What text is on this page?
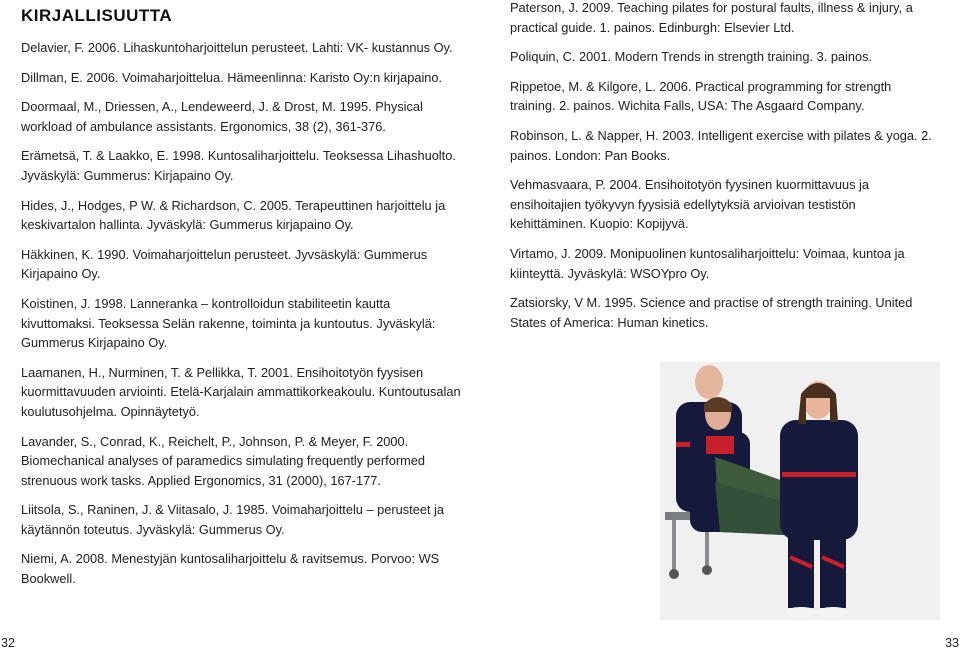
KIRJALLISUUTTA
Delavier, F. 2006. Lihaskuntoharjoittelun perusteet. Lahti: VK- kustannus Oy.
Dillman, E. 2006. Voimaharjoittelua. Hämeenlinna: Karisto Oy:n kirjapaino.
Doormaal, M., Driessen, A., Lendeweerd, J. & Drost, M. 1995. Physical workload of ambulance assistants. Ergonomics, 38 (2), 361-376.
Erämetsä, T. & Laakko, E. 1998. Kuntosaliharjoittelu. Teoksessa Lihashuolto. Jyväskylä: Gummerus: Kirjapaino Oy.
Hides, J., Hodges, P W. & Richardson, C. 2005. Terapeuttinen harjoittelu ja keskivartalon hallinta. Jyväskylä: Gummerus kirjapaino Oy.
Häkkinen, K. 1990. Voimaharjoittelun perusteet. Jyvsäskylä: Gummerus Kirjapaino Oy.
Koistinen, J. 1998. Lanneranka – kontrolloidun stabiliteetin kautta kivuttomaksi. Teoksessa Selän rakenne, toiminta ja kuntoutus. Jyväskylä: Gummerus Kirjapaino Oy.
Laamanen, H., Nurminen, T. & Pellikka, T. 2001. Ensihoitotyön fyysisen kuormittavuuden arviointi. Etelä-Karjalain ammattikorkeakoulu. Kuntoutusalan koulutusohjelma. Opinnäytetyö.
Lavander, S., Conrad, K., Reichelt, P., Johnson, P. & Meyer, F. 2000. Biomechanical analyses of paramedics simulating frequently performed strenuous work tasks. Applied Ergonomics, 31 (2000), 167-177.
Liitsola, S., Raninen, J. & Viitasalo, J. 1985. Voimaharjoittelu – perusteet ja käytännön toteutus. Jyväskylä: Gummerus Oy.
Niemi, A. 2008. Menestyjän kuntosaliharjoittelu & ravitsemus. Porvoo: WS Bookwell.
32
Paterson, J. 2009. Teaching pilates for postural faults, illness & injury, a practical guide. 1. painos. Edinburgh: Elsevier Ltd.
Poliquin, C. 2001. Modern Trends in strength training. 3. painos.
Rippetoe, M. & Kilgore, L. 2006. Practical programming for strength training. 2. painos. Wichita Falls, USA: The Asgaard Company.
Robinson, L. & Napper, H. 2003. Intelligent exercise with pilates & yoga. 2. painos. London: Pan Books.
Vehmasvaara, P. 2004. Ensihoitotyön fyysinen kuormittavuus ja ensihoitajien työkyvyn fyysisiä edellytyksiä arvioivan testistön kehittäminen. Kuopio: Kopijyvä.
Virtamo, J. 2009. Monipuolinen kuntosaliharjoittelu: Voimaa, kuntoa ja kiinteyttä. Jyväskylä: WSOYpro Oy.
Zatsiorsky, V M. 1995. Science and practise of strength training. United States of America: Human kinetics.
33
